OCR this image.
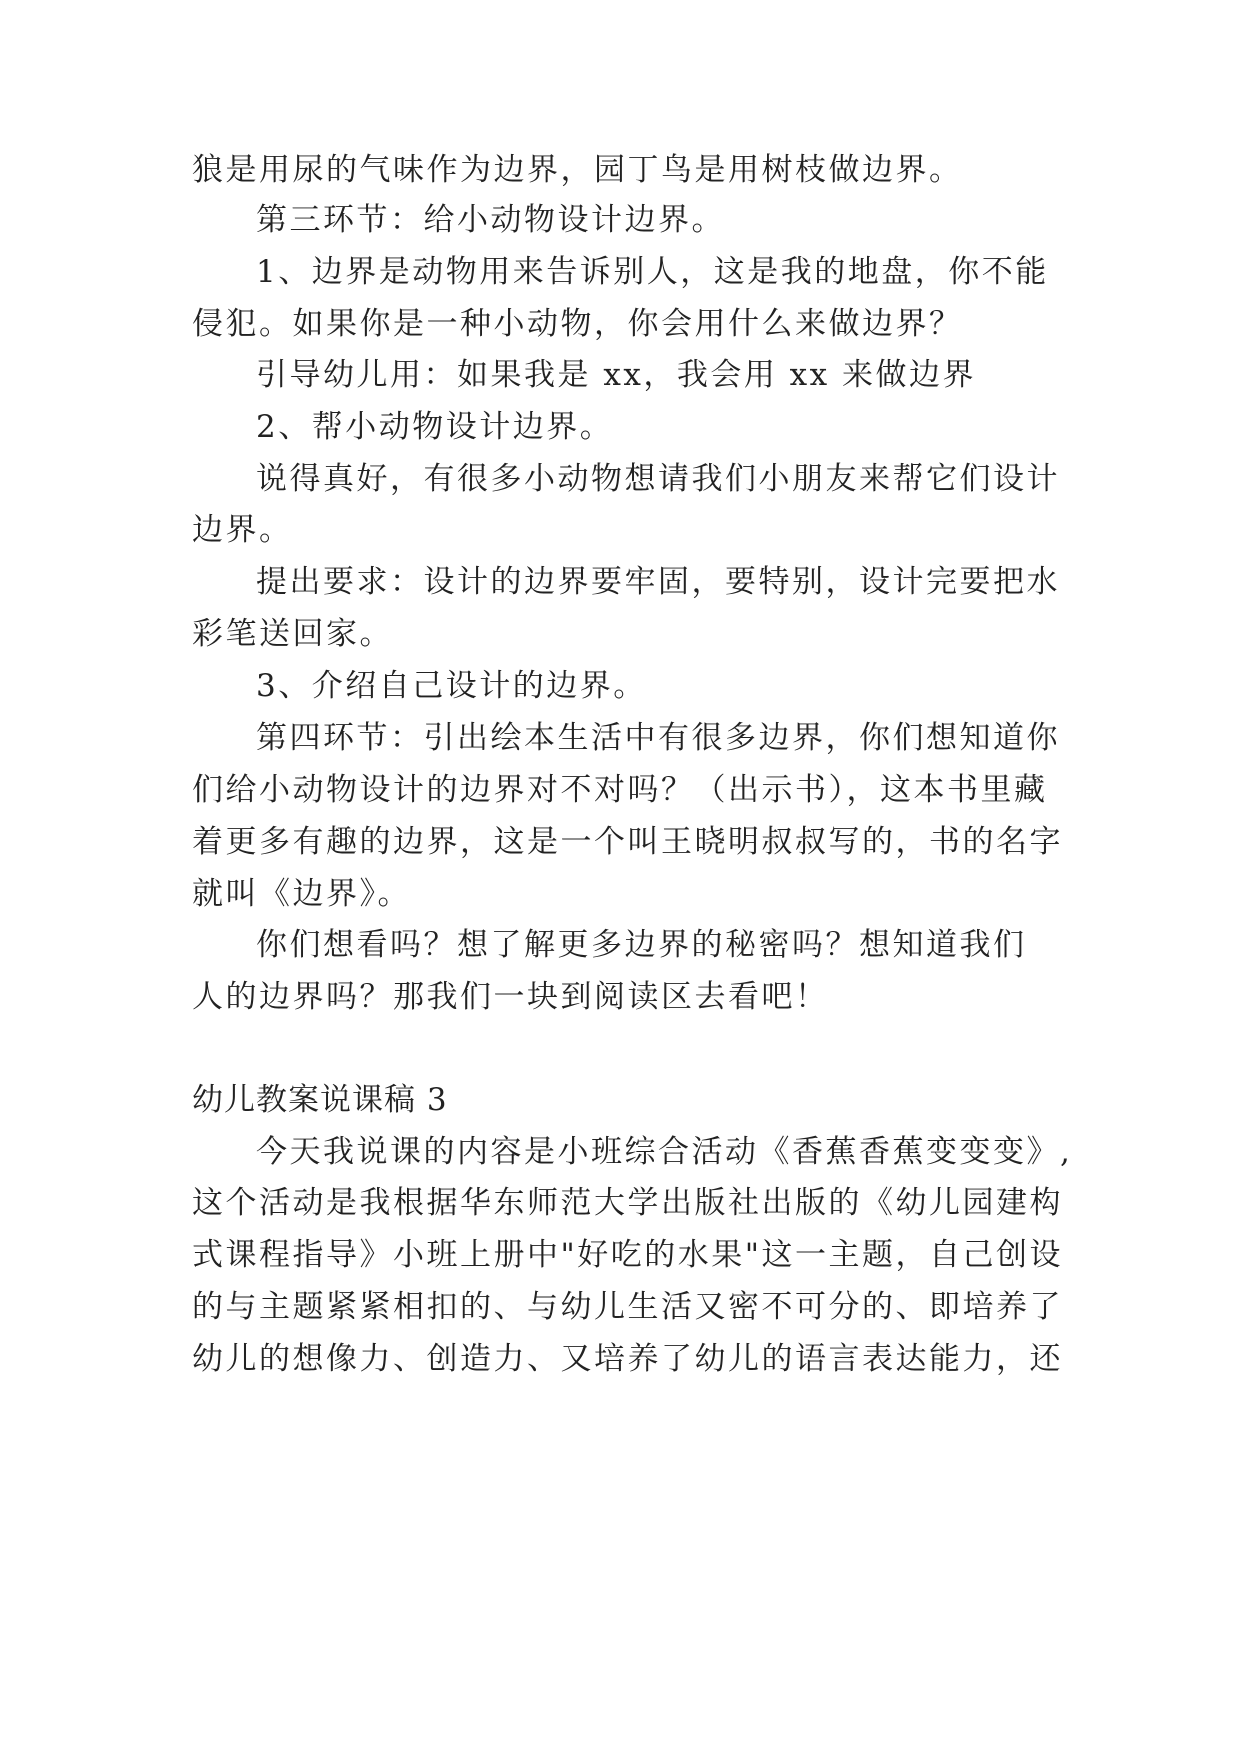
狼是用尿的气味作为边界，园丁鸟是用树枝做边界。
第三环节：给小动物设计边界。
1、边界是动物用来告诉别人，这是我的地盘，你不能
侵犯。如果你是一种小动物，你会用什么来做边界？
引导幼儿用：如果我是 xx，我会用 xx 来做边界
2、帮小动物设计边界。
说得真好，有很多小动物想请我们小朋友来帮它们设计
边界。
提出要求：设计的边界要牢固，要特别，设计完要把水
彩笔送回家。
3、介绍自己设计的边界。
第四环节：引出绘本生活中有很多边界，你们想知道你
们给小动物设计的边界对不对吗？（出示书），这本书里藏
着更多有趣的边界，这是一个叫王晓明叔叔写的，书的名字
就叫《边界》。
你们想看吗？想了解更多边界的秘密吗？想知道我们
人的边界吗？那我们一块到阅读区去看吧！
幼儿教案说课稿 3
今天我说课的内容是小班综合活动《香蕉香蕉变变变》,
这个活动是我根据华东师范大学出版社出版的《幼儿园建构
式课程指导》小班上册中"好吃的水果"这一主题，自己创设
的与主题紧紧相扣的、与幼儿生活又密不可分的、即培养了
幼儿的想像力、创造力、又培养了幼儿的语言表达能力，还
